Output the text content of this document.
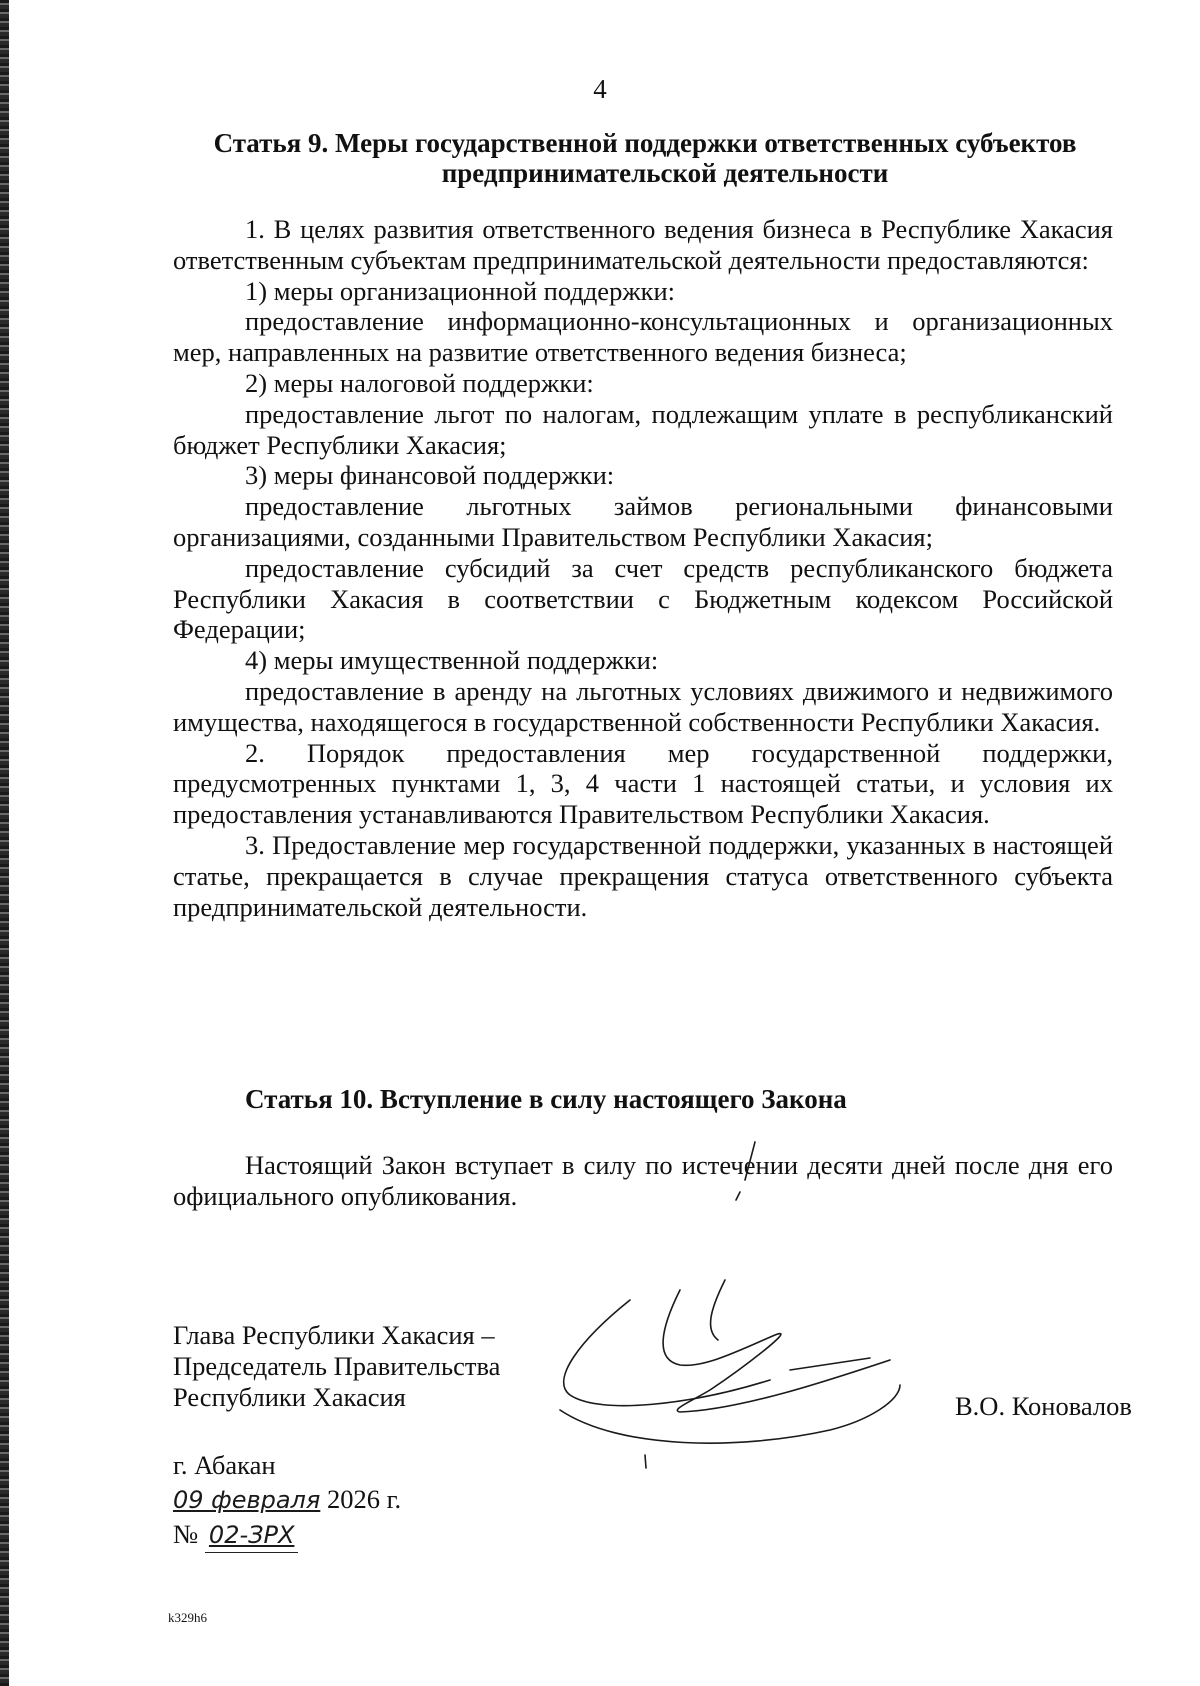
4
Статья 9. Меры государственной поддержки ответственных субъектов
предпринимательской деятельности

1. В целях развития ответственного ведения бизнеса в Республике Хакасия ответственным субъектам предпринимательской деятельности предоставляются:

1) меры организационной поддержки:

предоставление информационно-консультационных и организационных мер, направленных на развитие ответственного ведения бизнеса;

2) меры налоговой поддержки:

предоставление льгот по налогам, подлежащим уплате в республиканский бюджет Республики Хакасия;

3) меры финансовой поддержки:

предоставление льготных займов региональными финансовыми организациями, созданными Правительством Республики Хакасия;

предоставление субсидий за счет средств республиканского бюджета Республики Хакасия в соответствии с Бюджетным кодексом Российской Федерации;

4) меры имущественной поддержки:

предоставление в аренду на льготных условиях движимого и недвижимого имущества, находящегося в государственной собственности Республики Хакасия.

2. Порядок предоставления мер государственной поддержки, предусмотренных пунктами 1, 3, 4 части 1 настоящей статьи, и условия их предоставления устанавливаются Правительством Республики Хакасия.

3. Предоставление мер государственной поддержки, указанных в настоящей статье, прекращается в случае прекращения статуса ответственного субъекта предпринимательской деятельности.

Статья 10. Вступление в силу настоящего Закона

Настоящий Закон вступает в силу по истечении десяти дней после дня его официального опубликования.

Глава Республики Хакасия –
Председатель Правительства
Республики Хакасия	В.О. Коновалов
г. Абакан
09 февраля 2026 г.
№ 02-ЗРХ
k329h6
